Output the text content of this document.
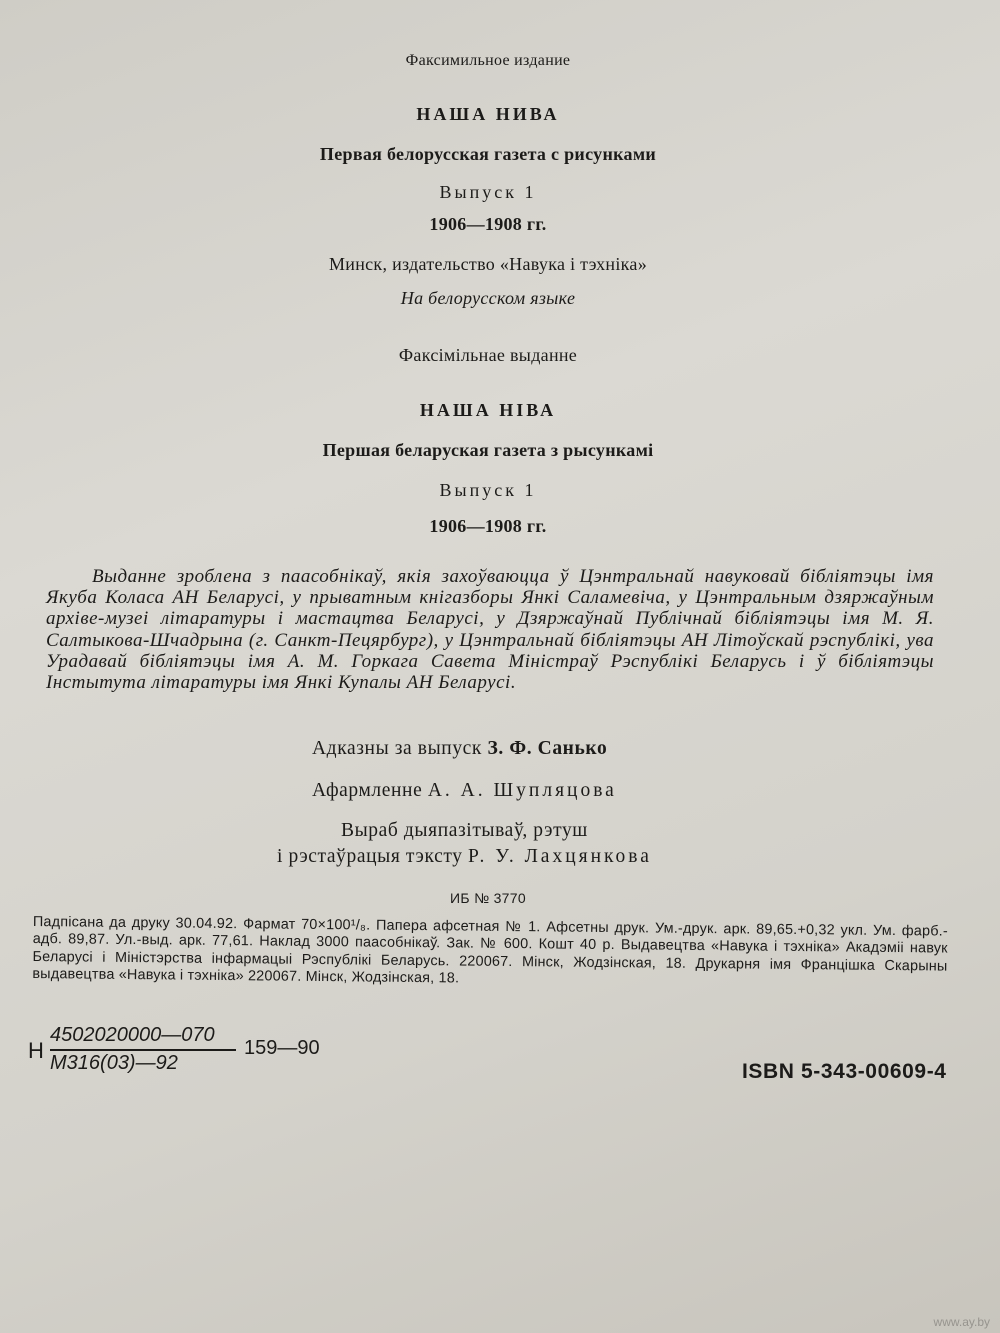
Факсимильное издание
НАША НИВА
Первая белорусская газета с рисунками
Выпуск 1
1906—1908 гг.
Минск, издательство «Навука і тэхніка»
На белорусском языке
Факсімільнае выданне
НАША НІВА
Першая беларуская газета з рысункамі
Выпуск 1
1906—1908 гг.
Выданне зроблена з паасобнікаў, якія захоўваюцца ў Цэнтральнай навуковай бібліятэцы імя Якуба Коласа АН Беларусі, у прыватным кнігазборы Янкі Саламевіча, у Цэнтральным дзяржаўным архіве-музеі літаратуры і мастацтва Беларусі, у Дзяржаўнай Публічнай бібліятэцы імя М. Я. Салтыкова-Шчадрына (г. Санкт-Пецярбург), у Цэнтральнай бібліятэцы АН Літоўскай рэспублікі, ува Урадавай бібліятэцы імя А. М. Горкага Савета Міністраў Рэспублікі Беларусь і ў бібліятэцы Інстытута літаратуры імя Янкі Купалы АН Беларусі.
Адказны за выпуск З. Ф. Санько
Афармленне А. А. Шупляцова
Выраб дыяпазітываў, рэтуш
і рэстаўрацыя тэксту Р. У. Лахцянкова
ИБ № 3770
Падпісана да друку 30.04.92. Фармат 70×100¹/₈. Папера афсетная № 1. Афсетны друк. Ум.-друк. арк. 89,65.+0,32 укл. Ум. фарб.-адб. 89,87. Ул.-выд. арк. 77,61. Наклад 3000 паасобнікаў. Зак. № 600. Кошт 40 р. Выдавецтва «Навука і тэхніка» Акадэміі навук Беларусі і Міністэрства інфармацыі Рэспублікі Беларусь. 220067. Мінск, Жодзінская, 18. Друкарня імя Францішка Скарыны выдавецтва «Навука і тэхніка» 220067. Мінск, Жодзінская, 18.
Н
4502020000—070
М316(03)—92
159—90
ISBN 5-343-00609-4
www.ay.by
